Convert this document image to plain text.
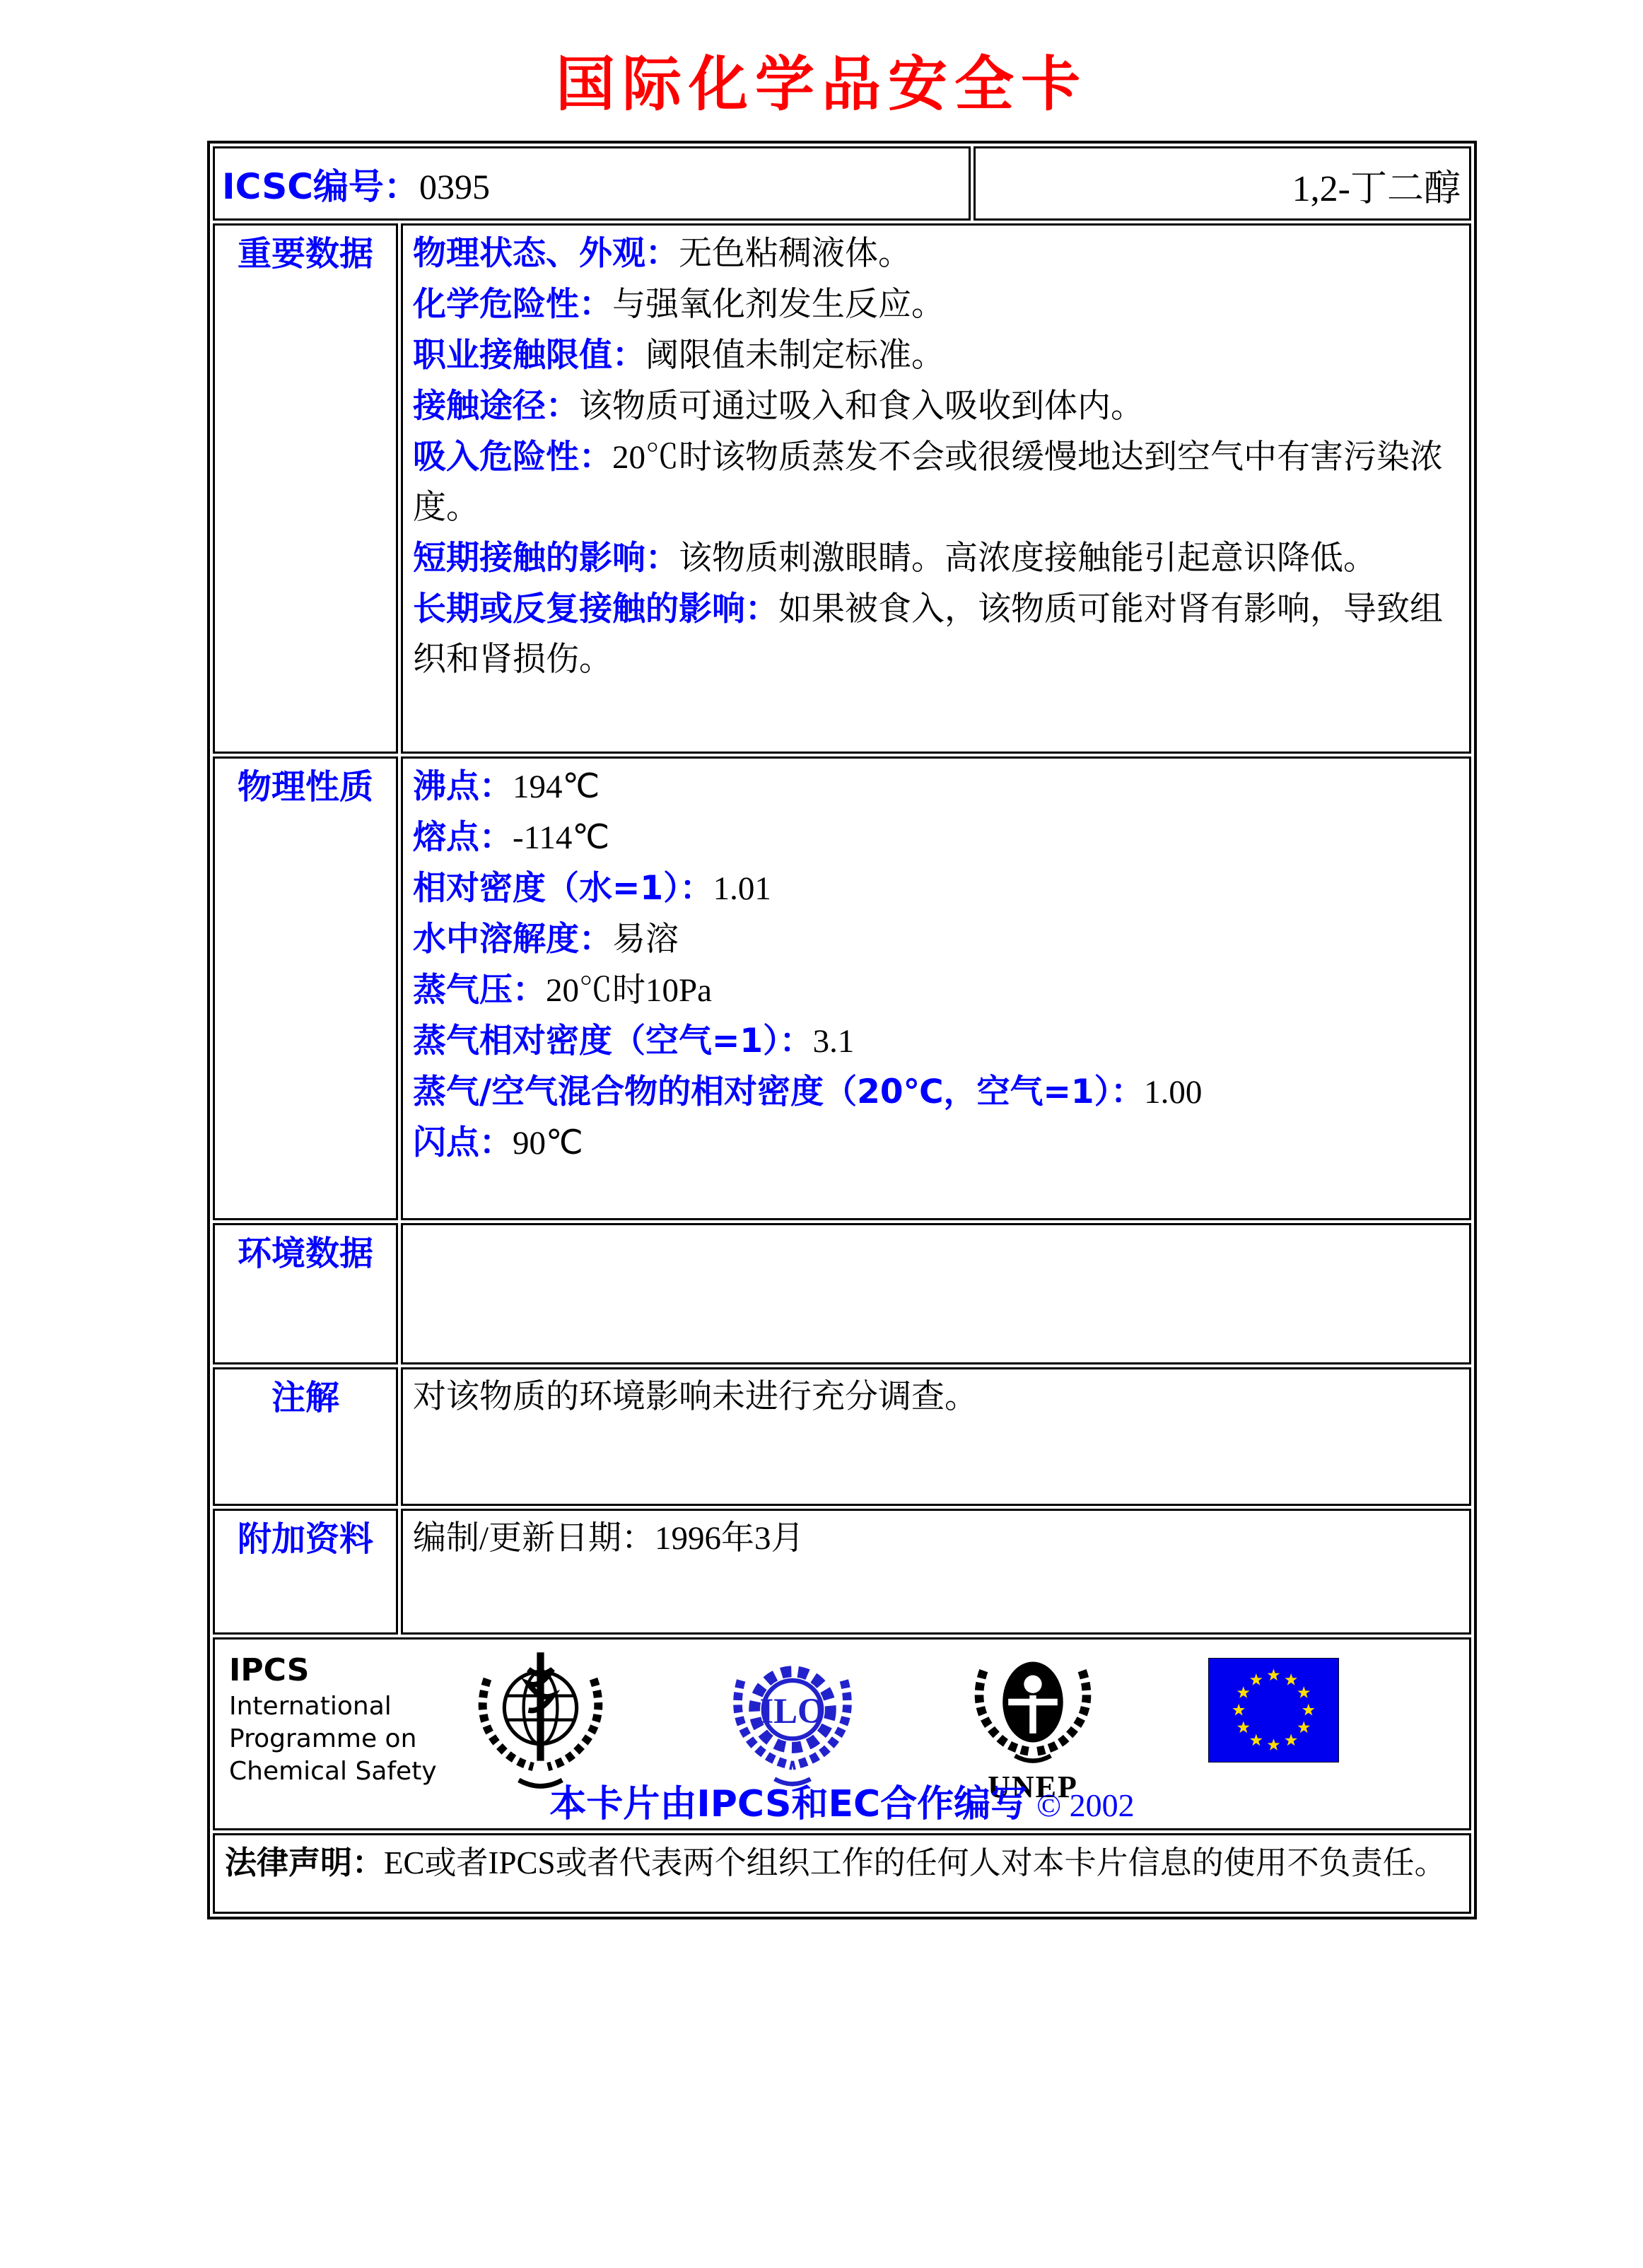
国际化学品安全卡
ICSC编号：0395		1,2-丁二醇
重要数据	物理状态、外观：无色粘稠液体。

化学危险性：与强氧化剂发生反应。

职业接触限值：阈限值未制定标准。

接触途径：该物质可通过吸入和食入吸收到体内。

吸入危险性：20℃时该物质蒸发不会或很缓慢地达到空气中有害污染浓度。

短期接触的影响：该物质刺激眼睛。高浓度接触能引起意识降低。

长期或反复接触的影响：如果被食入，该物质可能对肾有影响，导致组织和肾损伤。

物理性质	沸点：194℃

熔点：-114℃

相对密度（水=1）：1.01

水中溶解度：易溶

蒸气压：20℃时10Pa

蒸气相对密度（空气=1）：3.1

蒸气/空气混合物的相对密度（20℃，空气=1）：1.00

闪点：90℃

环境数据		
注解	对该物质的环境影响未进行充分调查。	
附加资料	编制/更新日期：1996年3月	

IPCS
International
Programme on
Chemical Safety
ILO
UNEP
本卡片由IPCS和EC合作编写 © 2002

法律声明：EC或者IPCS或者代表两个组织工作的任何人对本卡片信息的使用不负责任。		
